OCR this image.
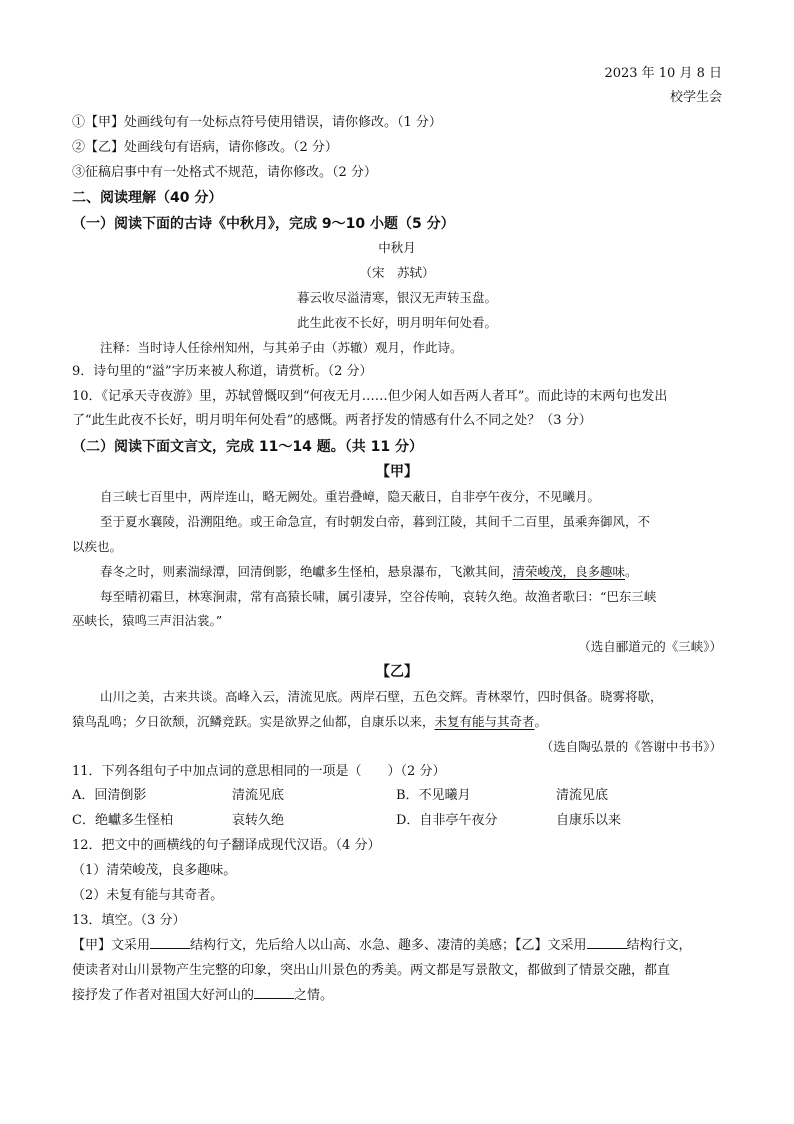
2023 年 10 月 8 日
校学生会
①【甲】处画线句有一处标点符号使用错误，请你修改。（1 分）
②【乙】处画线句有语病，请你修改。（2 分）
③征稿启事中有一处格式不规范，请你修改。（2 分）
二、阅读理解（40 分）
（一）阅读下面的古诗《中秋月》，完成 9～10 小题（5 分）
中秋月
（宋　苏轼）
暮云收尽溢清寒，银汉无声转玉盘。
此生此夜不长好，明月明年何处看。
注释：当时诗人任徐州知州，与其弟子由（苏辙）观月，作此诗。
9．诗句里的“溢”字历来被人称道，请赏析。（2 分）
10．《记承天寺夜游》里，苏轼曾慨叹到“何夜无月……但少闲人如吾两人者耳”。而此诗的末两句也发出
了“此生此夜不长好，明月明年何处看”的感慨。两者抒发的情感有什么不同之处？（3 分）
（二）阅读下面文言文，完成 11～14 题。（共 11 分）
【甲】
自三峡七百里中，两岸连山，略无阙处。重岩叠嶂，隐天蔽日，自非亭午夜分，不见曦月。
至于夏水襄陵，沿溯阻绝。或王命急宣，有时朝发白帝，暮到江陵，其间千二百里，虽乘奔御风，不
以疾也。
春冬之时，则素湍绿潭，回清倒影，绝巘多生怪柏，悬泉瀑布，飞漱其间，清荣峻茂，良多趣味。
每至晴初霜旦，林寒涧肃，常有高猿长啸，属引凄异，空谷传响，哀转久绝。故渔者歌曰：“巴东三峡
巫峡长，猿鸣三声泪沾裳。”
（选自郦道元的《三峡》）
【乙】
山川之美，古来共谈。高峰入云，清流见底。两岸石壁，五色交辉。青林翠竹，四时俱备。晓雾将歇，
猿鸟乱鸣；夕日欲颓，沉鳞竞跃。实是欲界之仙都，自康乐以来，未复有能与其奇者。
（选自陶弘景的《答谢中书书》）
11．下列各组句子中加点词的意思相同的一项是（　　）（2 分）
A．回清倒影	清流见底	B．不见曦月	清流见底
C．绝巘多生怪柏	哀转久绝	D．自非亭午夜分	自康乐以来
12．把文中的画横线的句子翻译成现代汉语。（4 分）
（1）清荣峻茂，良多趣味。
（2）未复有能与其奇者。
13．填空。（3 分）
【甲】文采用	结构行文，先后给人以山高、水急、趣多、凄清的美感；【乙】文采用	结构行文，
使读者对山川景物产生完整的印象，突出山川景色的秀美。两文都是写景散文，都做到了情景交融，都直
接抒发了作者对祖国大好河山的	之情。
